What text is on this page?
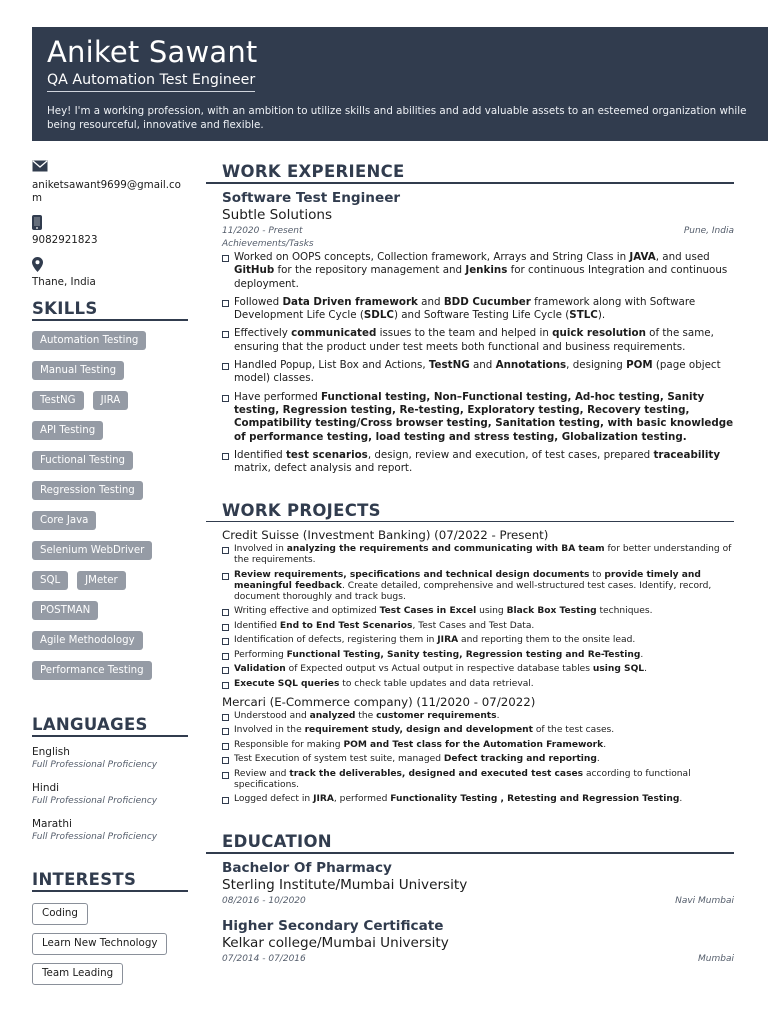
Aniket Sawant
QA Automation Test Engineer
Hey! I'm a working profession, with an ambition to utilize skills and abilities and add valuable assets to an esteemed organization while being resourceful, innovative and flexible.
aniketsawant9699@gmail.com
9082921823
Thane, India
SKILLS
Automation Testing
Manual Testing
TestNG	JIRA
API Testing
Fuctional Testing
Regression Testing
Core Java
Selenium WebDriver
SQL	JMeter
POSTMAN
Agile Methodology
Performance Testing
LANGUAGES
English
Full Professional Proficiency
Hindi
Full Professional Proficiency
Marathi
Full Professional Proficiency
INTERESTS
Coding
Learn New Technology
Team Leading
WORK EXPERIENCE
Software Test Engineer
Subtle Solutions
11/2020 - Present	Pune, India
Achievements/Tasks
Worked on OOPS concepts, Collection framework, Arrays and String Class in JAVA, and used GitHub for the repository management and Jenkins for continuous Integration and continuous deployment.
Followed Data Driven framework and BDD Cucumber framework along with Software Development Life Cycle (SDLC) and Software Testing Life Cycle (STLC).
Effectively communicated issues to the team and helped in quick resolution of the same, ensuring that the product under test meets both functional and business requirements.
Handled Popup, List Box and Actions, TestNG and Annotations, designing POM (page object model) classes.
Have performed Functional testing, Non–Functional testing, Ad-hoc testing, Sanity testing, Regression testing, Re-testing, Exploratory testing, Recovery testing, Compatibility testing/Cross browser testing, Sanitation testing, with basic knowledge of performance testing, load testing and stress testing, Globalization testing.
Identified test scenarios, design, review and execution, of test cases, prepared traceability matrix, defect analysis and report.
WORK PROJECTS
Credit Suisse (Investment Banking) (07/2022 - Present)
Involved in analyzing the requirements and communicating with BA team for better understanding of the requirements.
Review requirements, specifications and technical design documents to provide timely and meaningful feedback. Create detailed, comprehensive and well-structured test cases. Identify, record, document thoroughly and track bugs.
Writing effective and optimized Test Cases in Excel using Black Box Testing techniques.
Identified End to End Test Scenarios, Test Cases and Test Data.
Identification of defects, registering them in JIRA and reporting them to the onsite lead.
Performing Functional Testing, Sanity testing, Regression testing and Re-Testing.
Validation of Expected output vs Actual output in respective database tables using SQL.
Execute SQL queries to check table updates and data retrieval.
Mercari (E-Commerce company) (11/2020 - 07/2022)
Understood and analyzed the customer requirements.
Involved in the requirement study, design and development of the test cases.
Responsible for making POM and Test class for the Automation Framework.
Test Execution of system test suite, managed Defect tracking and reporting.
Review and track the deliverables, designed and executed test cases according to functional specifications.
Logged defect in JIRA, performed Functionality Testing , Retesting and Regression Testing.
EDUCATION
Bachelor Of Pharmacy
Sterling Institute/Mumbai University
08/2016 - 10/2020	Navi Mumbai
Higher Secondary Certificate
Kelkar college/Mumbai University
07/2014 - 07/2016	Mumbai
